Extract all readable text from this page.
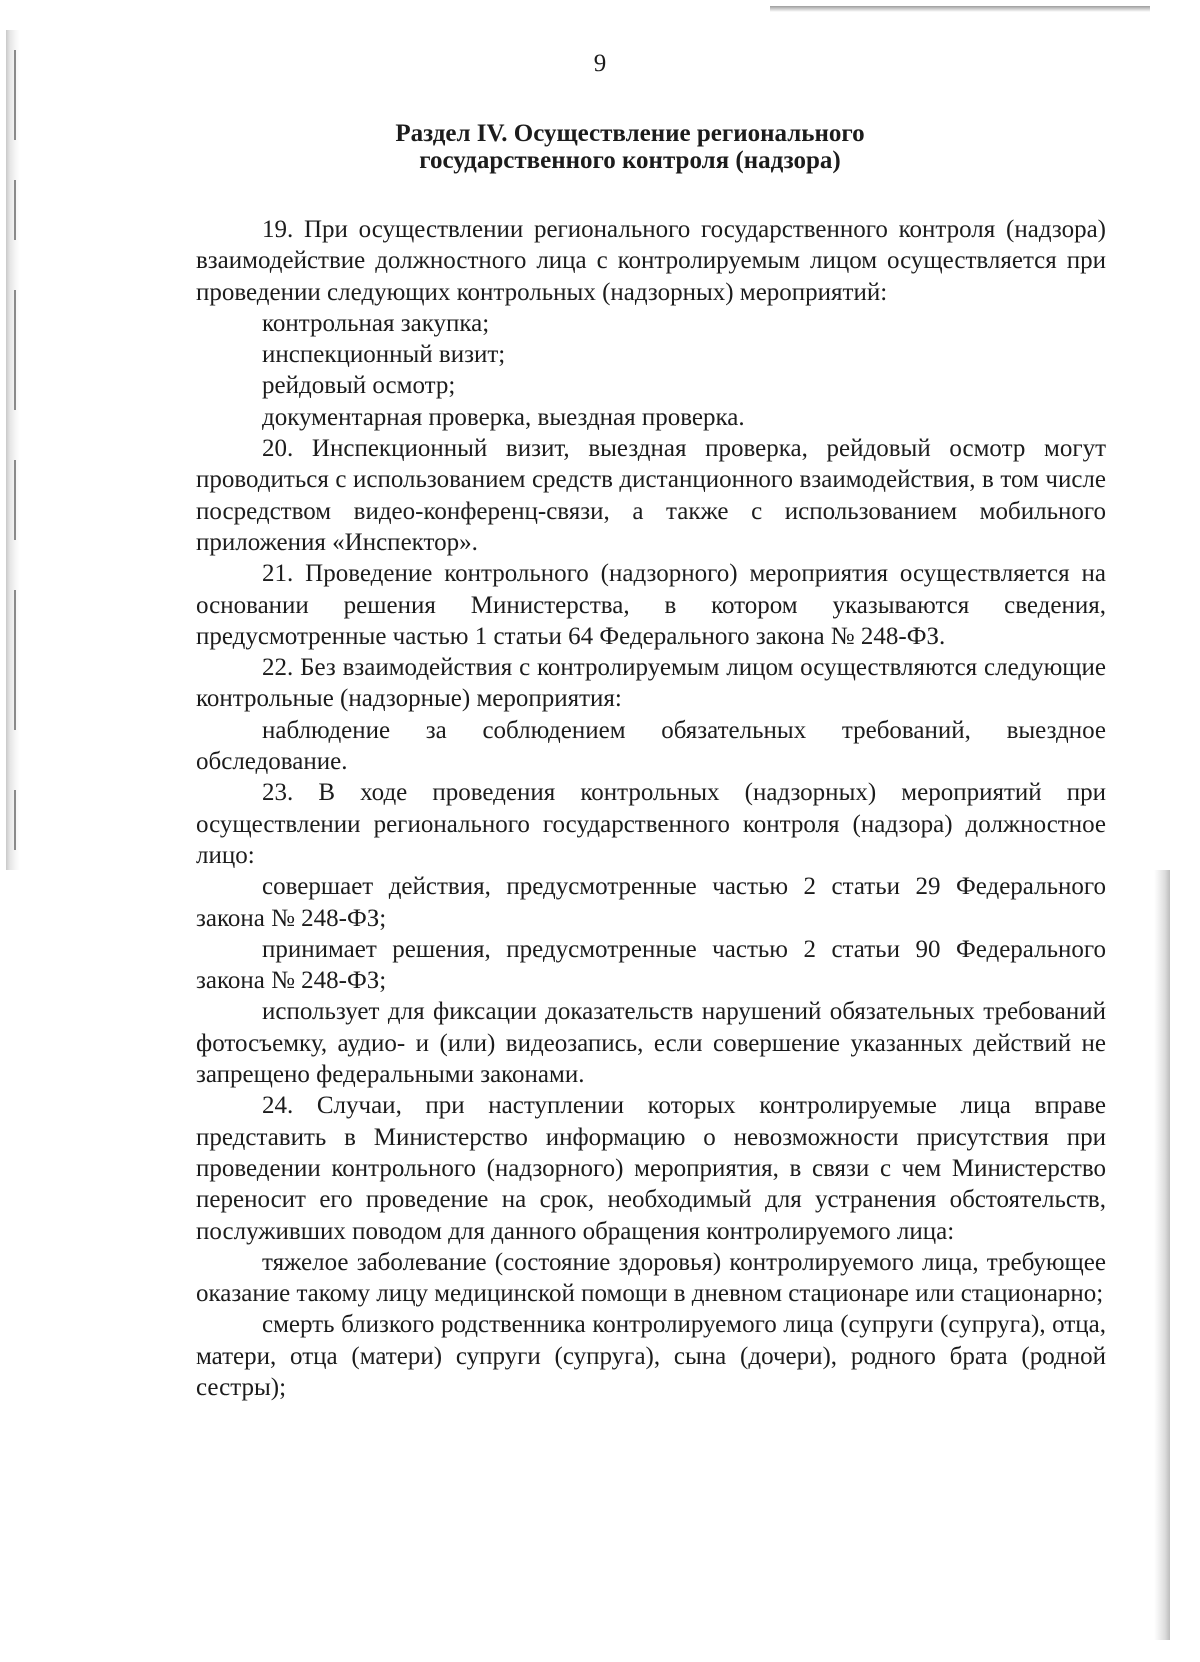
9
Раздел IV. Осуществление регионального
государственного контроля (надзора)

19. При осуществлении регионального государственного контроля (надзора) взаимодействие должностного лица с контролируемым лицом осуществляется при проведении следующих контрольных (надзорных) мероприятий:

контрольная закупка;

инспекционный визит;

рейдовый осмотр;

документарная проверка, выездная проверка.

20. Инспекционный визит, выездная проверка, рейдовый осмотр могут проводиться с использованием средств дистанционного взаимодействия, в том числе посредством видео-конференц-связи, а также с использованием мобильного приложения «Инспектор».

21. Проведение контрольного (надзорного) мероприятия осуществляется на основании решения Министерства, в котором указываются сведения, предусмотренные частью 1 статьи 64 Федерального закона № 248-ФЗ.

22. Без взаимодействия с контролируемым лицом осуществляются следующие контрольные (надзорные) мероприятия:

наблюдение за соблюдением обязательных требований, выездное обследование.

23. В ходе проведения контрольных (надзорных) мероприятий при осуществлении регионального государственного контроля (надзора) должностное лицо:

совершает действия, предусмотренные частью 2 статьи 29 Федерального закона № 248-ФЗ;

принимает решения, предусмотренные частью 2 статьи 90 Федерального закона № 248-ФЗ;

использует для фиксации доказательств нарушений обязательных требований фотосъемку, аудио- и (или) видеозапись, если совершение указанных действий не запрещено федеральными законами.

24. Случаи, при наступлении которых контролируемые лица вправе представить в Министерство информацию о невозможности присутствия при проведении контрольного (надзорного) мероприятия, в связи с чем Министерство переносит его проведение на срок, необходимый для устранения обстоятельств, послуживших поводом для данного обращения контролируемого лица:

тяжелое заболевание (состояние здоровья) контролируемого лица, требующее оказание такому лицу медицинской помощи в дневном стационаре или стационарно;

смерть близкого родственника контролируемого лица (супруги (супруга), отца, матери, отца (матери) супруги (супруга), сына (дочери), родного брата (родной сестры);
